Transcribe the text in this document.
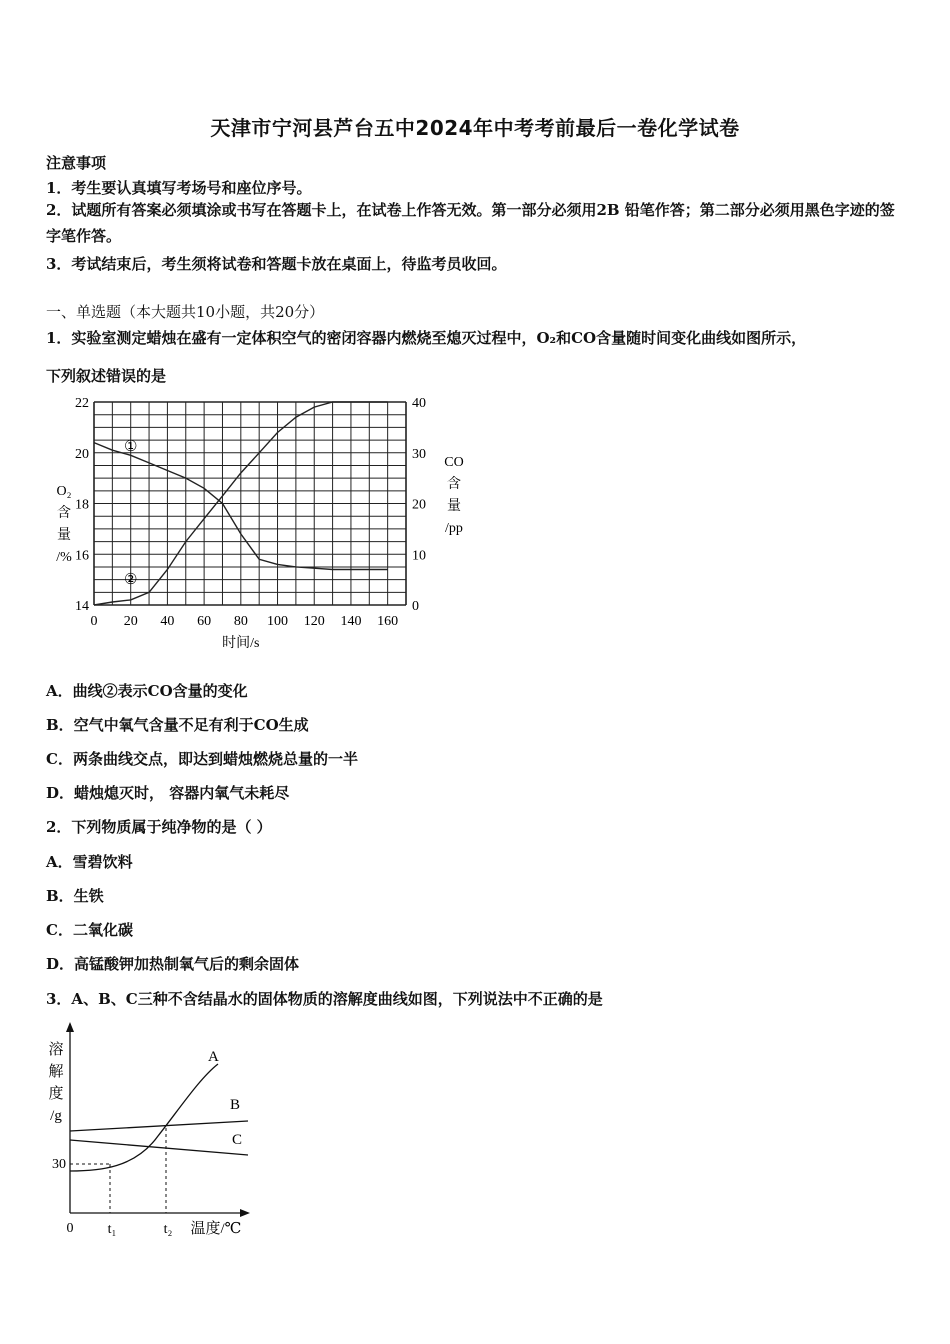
天津市宁河县芦台五中2024年中考考前最后一卷化学试卷
注意事项
1．考生要认真填写考场号和座位序号。
2．试题所有答案必须填涂或书写在答题卡上，在试卷上作答无效。第一部分必须用2B 铅笔作答；第二部分必须用黑色字迹的签字笔作答。
3．考试结束后，考生须将试卷和答题卡放在桌面上，待监考员收回。
一、单选题（本大题共10小题，共20分）
1．实验室测定蜡烛在盛有一定体积空气的密闭容器内燃烧至熄灭过程中，O₂和CO含量随时间变化曲线如图所示，
下列叙述错误的是
0 20 40 60 80 100 120 140 160
时间/s
14
16
18
20
22
O₂
含
量
/%
0
10
20
30
40
CO
含
量
/pp
①
②
A．曲线②表示CO含量的变化
B．空气中氧气含量不足有利于CO生成
C．两条曲线交点，即达到蜡烛燃烧总量的一半
D．蜡烛熄灭时， 容器内氧气未耗尽
2．下列物质属于纯净物的是（ ）
A．雪碧饮料
B．生铁
C．二氧化碳
D．高锰酸钾加热制氧气后的剩余固体
3．A、B、C三种不含结晶水的固体物质的溶解度曲线如图，下列说法中不正确的是
溶
解
度
/g
0
30
t₁	t₂ 温度/℃
A
B
C
